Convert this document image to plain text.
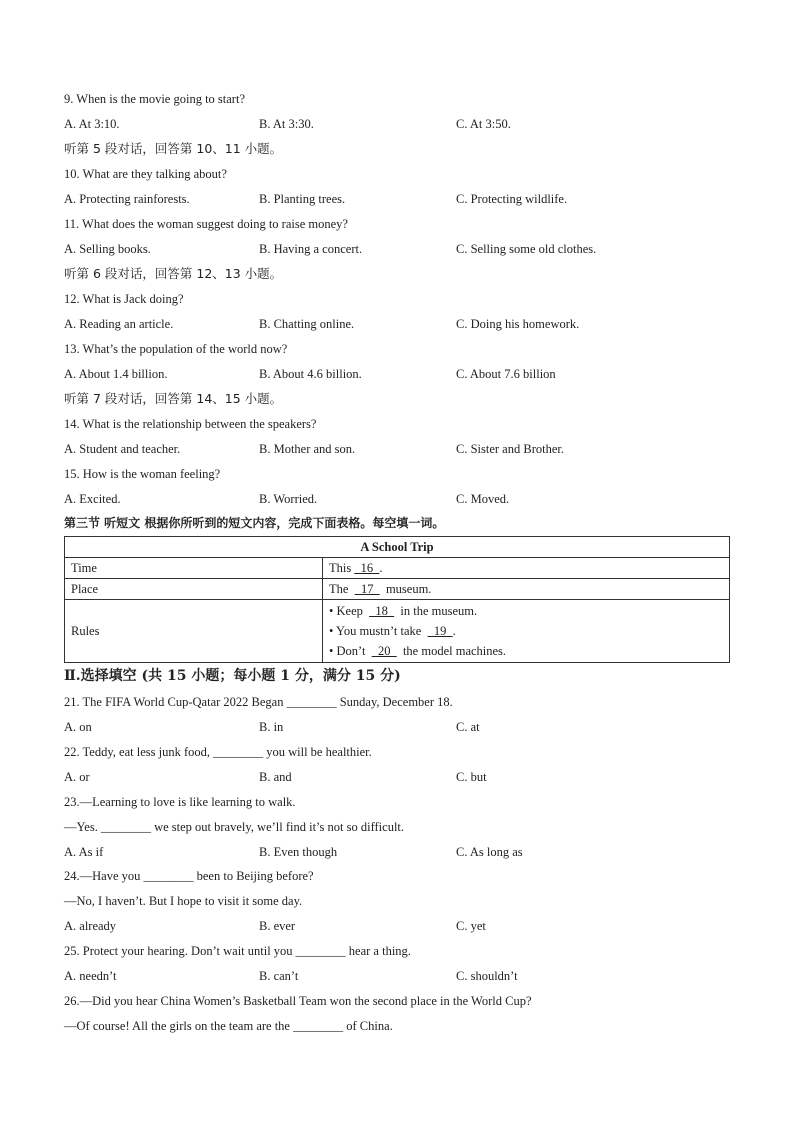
9. When is the movie going to start?
A. At 3:10.	B. At 3:30.	C. At 3:50.
听第 5 段对话，回答第 10、11 小题。
10. What are they talking about?
A. Protecting rainforests.	B. Planting trees.	C. Protecting wildlife.
11. What does the woman suggest doing to raise money?
A. Selling books.	B. Having a concert.	C. Selling some old clothes.
听第 6 段对话，回答第 12、13 小题。
12. What is Jack doing?
A. Reading an article.	B. Chatting online.	C. Doing his homework.
13. What’s the population of the world now?
A. About 1.4 billion.	B. About 4.6 billion.	C. About 7.6 billion
听第 7 段对话，回答第 14、15 小题。
14. What is the relationship between the speakers?
A. Student and teacher.	B. Mother and son.	C. Sister and Brother.
15. How is the woman feeling?
A. Excited.	B. Worried.	C. Moved.
第三节 听短文 根据你所听到的短文内容，完成下面表格。每空填一词。
A School Trip	
Time	This   16  .
Place	The    17    museum.
Rules	• Keep    18    in the museum.
• You mustn’t take    19  .
• Don’t    20    the model machines.
Ⅱ.选择填空 (共 15 小题；每小题 1 分，满分 15 分)
21. The FIFA World Cup-Qatar 2022 Began ________ Sunday, December 18.
A. on	B. in	C. at
22. Teddy, eat less junk food, ________ you will be healthier.
A. or	B. and	C. but
23.—Learning to love is like learning to walk.
—Yes. ________ we step out bravely, we’ll find it’s not so difficult.
A. As if	B. Even though	C. As long as
24.—Have you ________ been to Beijing before?
—No, I haven’t. But I hope to visit it some day.
A. already	B. ever	C. yet
25. Protect your hearing. Don’t wait until you ________ hear a thing.
A. needn’t	B. can’t	C. shouldn’t
26.—Did you hear China Women’s Basketball Team won the second place in the World Cup?
—Of course! All the girls on the team are the ________ of China.
